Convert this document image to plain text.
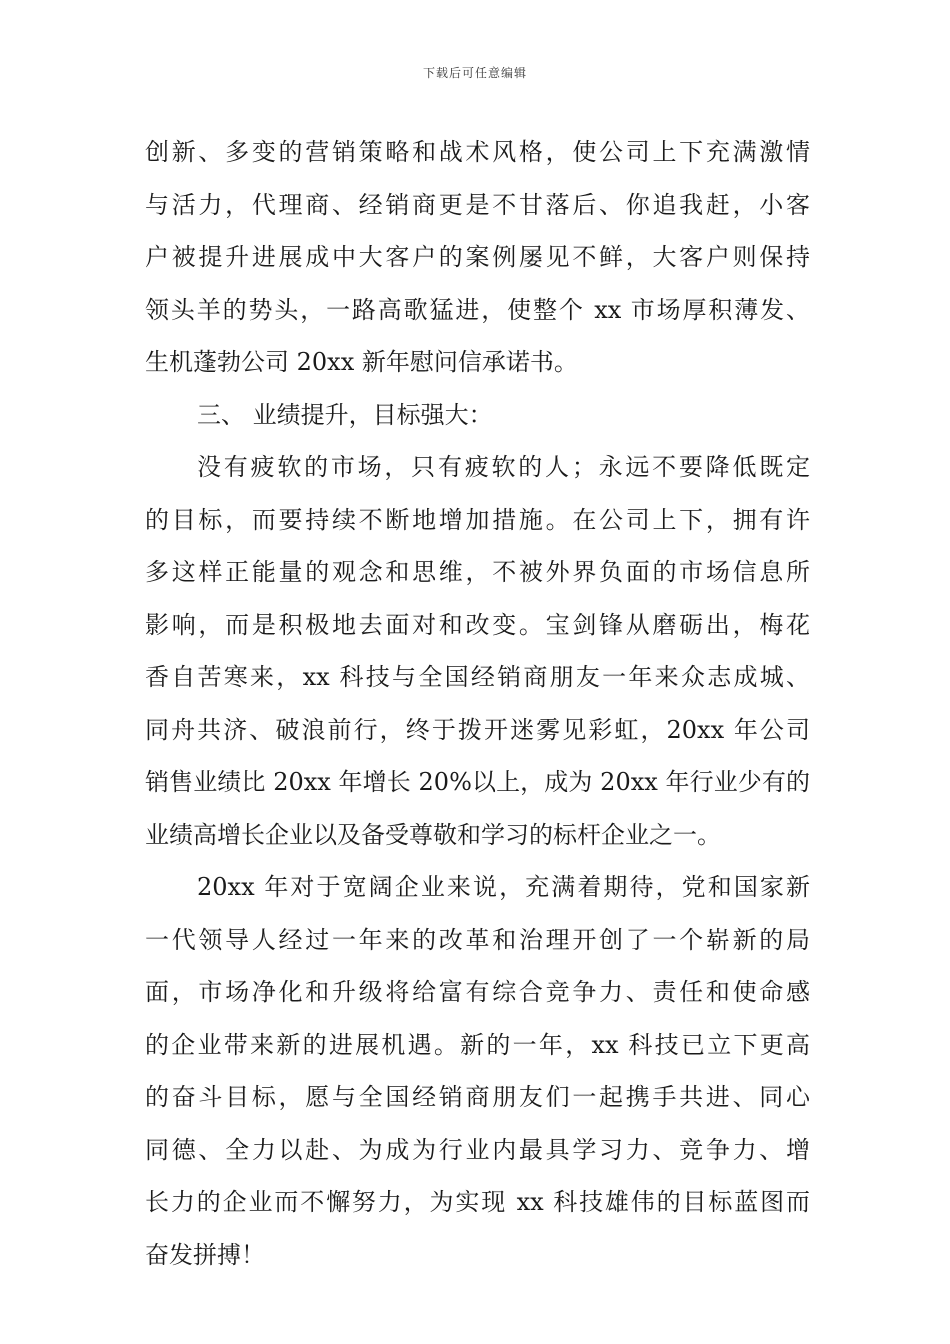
下载后可任意编辑
创新、多变的营销策略和战术风格，使公司上下充满激情
与活力，代理商、经销商更是不甘落后、你追我赶，小客
户被提升进展成中大客户的案例屡见不鲜，大客户则保持
领头羊的势头，一路高歌猛进，使整个 xx 市场厚积薄发、
生机蓬勃公司 20xx 新年慰问信承诺书。
三、 业绩提升，目标强大：
没有疲软的市场，只有疲软的人；永远不要降低既定
的目标，而要持续不断地增加措施。在公司上下，拥有许
多这样正能量的观念和思维，不被外界负面的市场信息所
影响，而是积极地去面对和改变。宝剑锋从磨砺出，梅花
香自苦寒来，xx 科技与全国经销商朋友一年来众志成城、
同舟共济、破浪前行，终于拨开迷雾见彩虹，20xx 年公司
销售业绩比 20xx 年增长 20%以上，成为 20xx 年行业少有的
业绩高增长企业以及备受尊敬和学习的标杆企业之一。
20xx 年对于宽阔企业来说，充满着期待，党和国家新
一代领导人经过一年来的改革和治理开创了一个崭新的局
面，市场净化和升级将给富有综合竞争力、责任和使命感
的企业带来新的进展机遇。新的一年，xx 科技已立下更高
的奋斗目标，愿与全国经销商朋友们一起携手共进、同心
同德、全力以赴、为成为行业内最具学习力、竞争力、增
长力的企业而不懈努力，为实现 xx 科技雄伟的目标蓝图而
奋发拼搏！
